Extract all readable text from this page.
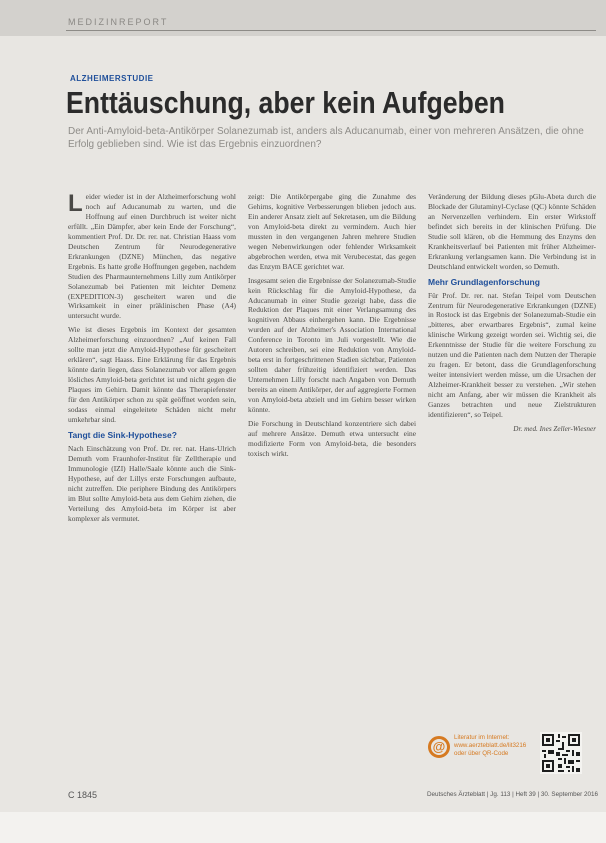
MEDIZINREPORT
ALZHEIMERSTUDIE
Enttäuschung, aber kein Aufgeben
Der Anti-Amyloid-beta-Antikörper Solanezumab ist, anders als Aducanumab, einer von mehreren Ansätzen, die ohne Erfolg geblieben sind. Wie ist das Ergebnis einzuordnen?
L eider wieder ist in der Alzheimerforschung wohl noch auf Aducanumab zu warten, und die Hoffnung auf einen Durchbruch ist weiter nicht erfüllt. „Ein Dämpfer, aber kein Ende der Forschung“, kommentiert Prof. Dr. Dr. rer. nat. Christian Haass vom Deutschen Zentrum für Neurodegenerative Erkrankungen (DZNE) München, das negative Ergebnis. Es hatte große Hoffnungen gegeben, nachdem Studien des Pharmaunternehmens Lilly zum Antikörper Solanezumab bei Patienten mit leichter Demenz (EXPEDITION-3) gescheitert waren und die Wirksamkeit in einer präklinischen Phase (A4) untersucht wurde.

Wie ist dieses Ergebnis im Kontext der gesamten Alzheimerforschung einzuordnen? „Auf keinen Fall sollte man jetzt die Amyloid-Hypothese für gescheitert erklären“, sagt Haass. Eine Erklärung für das Ergebnis könnte darin liegen, dass Solanezumab vor allem gegen lösliches Amyloid-beta gerichtet ist und nicht gegen die Plaques im Gehirn. Damit könnte das Therapiefenster für den Antikörper schon zu spät geöffnet worden sein, sodass einmal eingeleitete Schäden nicht mehr umkehrbar sind.

Tangt die Sink-Hypothese?

Nach Einschätzung von Prof. Dr. rer. nat. Hans-Ulrich Demuth vom Fraunhofer-Institut für Zelltherapie und Immunologie (IZI) Halle/Saale könnte auch die Sink-Hypothese, auf der Lillys erste Forschungen aufbaute, nicht zutreffen. Die periphere Bindung des Antikörpers im Blut sollte Amyloid-beta aus dem Gehirn ziehen, die Verteilung des Amyloid-beta im Körper ist aber komplexer als vermutet.

zeigt: Die Antikörpergabe ging die Zunahme des Gehirns, kognitive Verbesserungen blieben jedoch aus. Ein anderer Ansatz zielt auf Sekretasen, um die Bildung von Amyloid-beta direkt zu vermindern. Auch hier mussten in den vergangenen Jahren mehrere Studien wegen Nebenwirkungen oder fehlender Wirksamkeit abgebrochen werden, etwa mit Verubecestat, das gegen das Enzym BACE gerichtet war.

Insgesamt seien die Ergebnisse der Solanezumab-Studie kein Rückschlag für die Amyloid-Hypothese, da Aducanumab in einer Studie gezeigt habe, dass die Reduktion der Plaques mit einer Verlangsamung des kognitiven Abbaus einhergehen kann. Die Ergebnisse wurden auf der Alzheimer's Association International Conference in Toronto im Juli vorgestellt. Wie die Autoren schreiben, sei eine Reduktion von Amyloid-beta erst in fortgeschrittenen Stadien sichtbar, Patienten sollten daher frühzeitig identifiziert werden. Das Unternehmen Lilly forscht nach Angaben von Demuth bereits an einem Antikörper, der auf aggregierte Formen von Amyloid-beta abzielt und im Gehirn besser wirken könnte.

Die Forschung in Deutschland konzentriere sich dabei auf mehrere Ansätze. Demuth etwa untersucht eine modifizierte Form von Amyloid-beta, die besonders toxisch wirkt.

Veränderung der Bildung dieses pGlu-Abeta durch die Blockade der Glutaminyl-Cyclase (QC) könnte Schäden an Nervenzellen verhindern. Ein erster Wirkstoff befindet sich bereits in der klinischen Prüfung. Die Studie soll klären, ob die Hemmung des Enzyms den Krankheitsverlauf bei Patienten mit früher Alzheimer-Erkrankung verlangsamen kann. Die Verbindung ist in Deutschland entwickelt worden, so Demuth.

Mehr Grundlagenforschung

Für Prof. Dr. rer. nat. Stefan Teipel vom Deutschen Zentrum für Neurodegenerative Erkrankungen (DZNE) in Rostock ist das Ergebnis der Solanezumab-Studie ein „bitteres, aber erwartbares Ergebnis“, zumal keine klinische Wirkung gezeigt worden sei. Wichtig sei, die Erkenntnisse der Studie für die weitere Forschung zu nutzen und die Patienten nach dem Nutzen der Therapie zu fragen. Er betont, dass die Grundlagenforschung weiter intensiviert werden müsse, um die Ursachen der Alzheimer-Krankheit besser zu verstehen. „Wir stehen nicht am Anfang, aber wir müssen die Krankheit als Ganzes betrachten und neue Zielstrukturen identifizieren“, so Teipel.

Dr. med. Ines Zeller-Wiesner
@
Literatur im Internet: www.aerzteblatt.de/lit3216 oder über QR-Code
C 1845	Deutsches Ärzteblatt | Jg. 113 | Heft 39 | 30. September 2016
